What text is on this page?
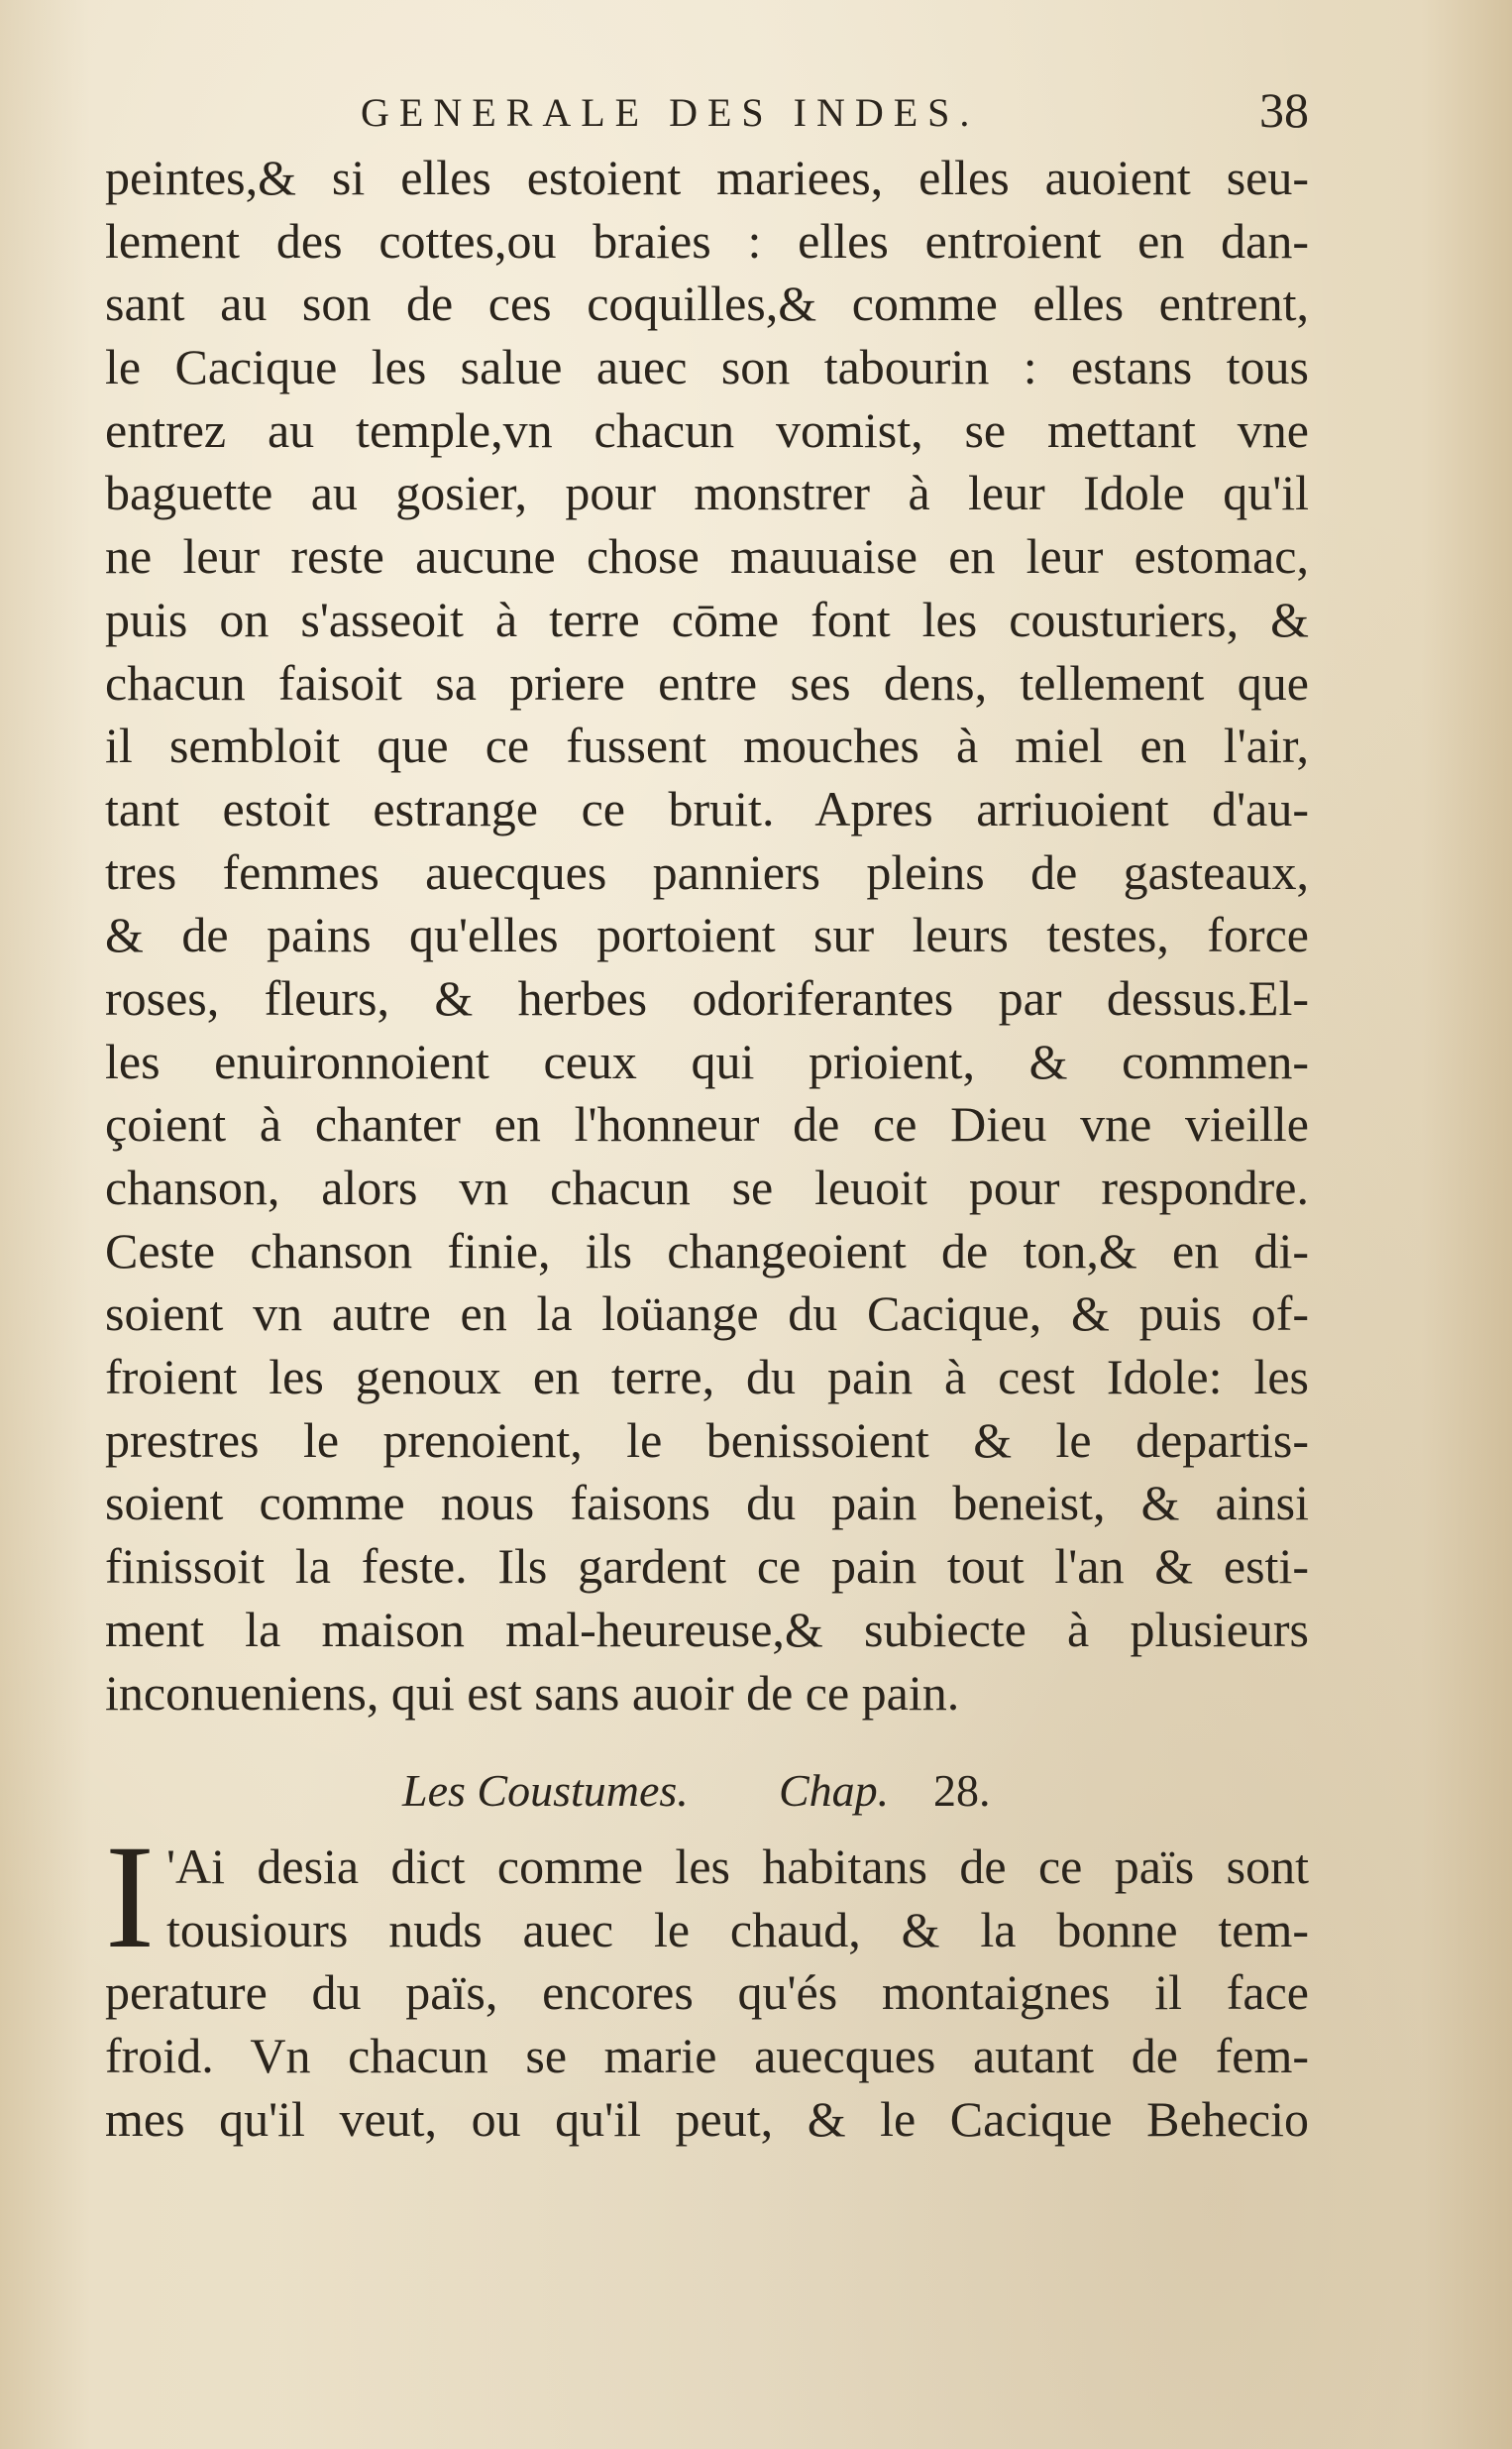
GENERALE DES INDES.	38
peintes,& si elles estoient mariees, elles auoient seu-
lement des cottes,ou braies : elles entroient en dan-
sant au son de ces coquilles,& comme elles entrent,
le Cacique les salue auec son tabourin : estans tous
entrez au temple,vn chacun vomist, se mettant vne
baguette au gosier, pour monstrer à leur Idole qu'il
ne leur reste aucune chose mauuaise en leur estomac,
puis on s'asseoit à terre cōme font les cousturiers, &
chacun faisoit sa priere entre ses dens, tellement que
il sembloit que ce fussent mouches à miel en l'air,
tant estoit estrange ce bruit. Apres arriuoient d'au-
tres femmes auecques panniers pleins de gasteaux,
& de pains qu'elles portoient sur leurs testes, force
roses, fleurs, & herbes odoriferantes par dessus.El-
les enuironnoient ceux qui prioient, & commen-
çoient à chanter en l'honneur de ce Dieu vne vieille
chanson, alors vn chacun se leuoit pour respondre.
Ceste chanson finie, ils changeoient de ton,& en di-
soient vn autre en la loüange du Cacique, & puis of-
froient les genoux en terre, du pain à cest Idole: les
prestres le prenoient, le benissoient & le departis-
soient comme nous faisons du pain beneist, & ainsi
finissoit la feste. Ils gardent ce pain tout l'an & esti-
ment la maison mal-heureuse,& subiecte à plusieurs
inconueniens, qui est sans auoir de ce pain.
Les Coustumes. Chap. 28.
I 'Ai desia dict comme les habitans de ce païs sont
tousiours nuds auec le chaud, & la bonne tem-
perature du païs, encores qu'és montaignes il face
froid. Vn chacun se marie auecques autant de fem-
mes qu'il veut, ou qu'il peut, & le Cacique Behecio
